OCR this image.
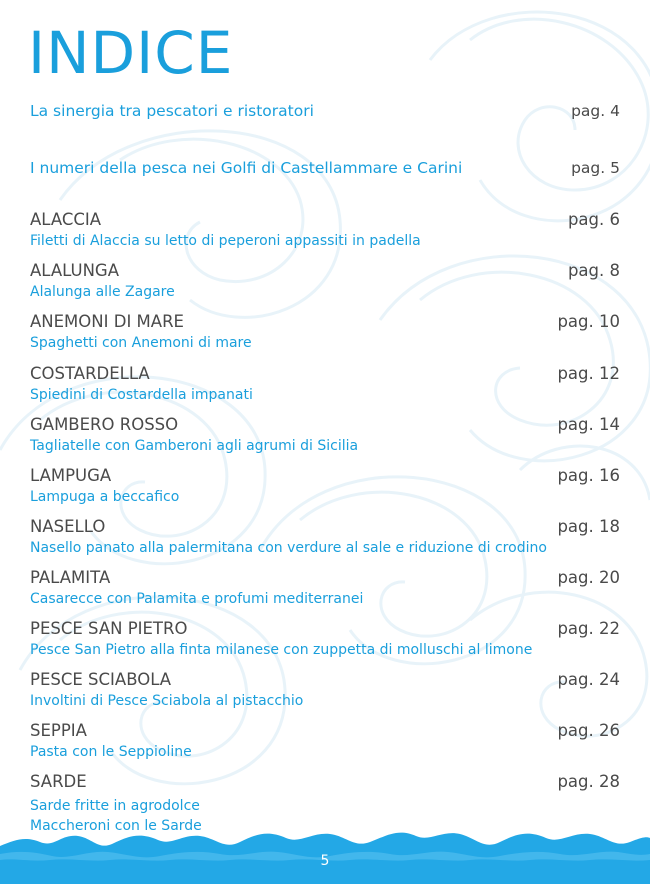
INDICE
La sinergia tra pescatori e ristoratori	pag. 4
I numeri della pesca nei Golfi di Castellammare e Carini	pag. 5
ALACCIA	pag. 6
Filetti di Alaccia su letto di peperoni appassiti in padella
ALALUNGA	pag. 8
Alalunga alle Zagare
ANEMONI DI MARE	pag. 10
Spaghetti con Anemoni di mare
COSTARDELLA	pag. 12
Spiedini di Costardella impanati
GAMBERO ROSSO	pag. 14
Tagliatelle con Gamberoni agli agrumi di Sicilia
LAMPUGA	pag. 16
Lampuga a beccafico
NASELLO	pag. 18
Nasello panato alla palermitana con verdure al sale e riduzione di crodino
PALAMITA	pag. 20
Casarecce con Palamita e profumi mediterranei
PESCE SAN PIETRO	pag. 22
Pesce San Pietro alla finta milanese con zuppetta di molluschi al limone
PESCE SCIABOLA	pag. 24
Involtini di Pesce Sciabola al pistacchio
SEPPIA	pag. 26
Pasta con le Seppioline
SARDE	pag. 28
Sarde fritte in agrodolce
Maccheroni con le Sarde
5
